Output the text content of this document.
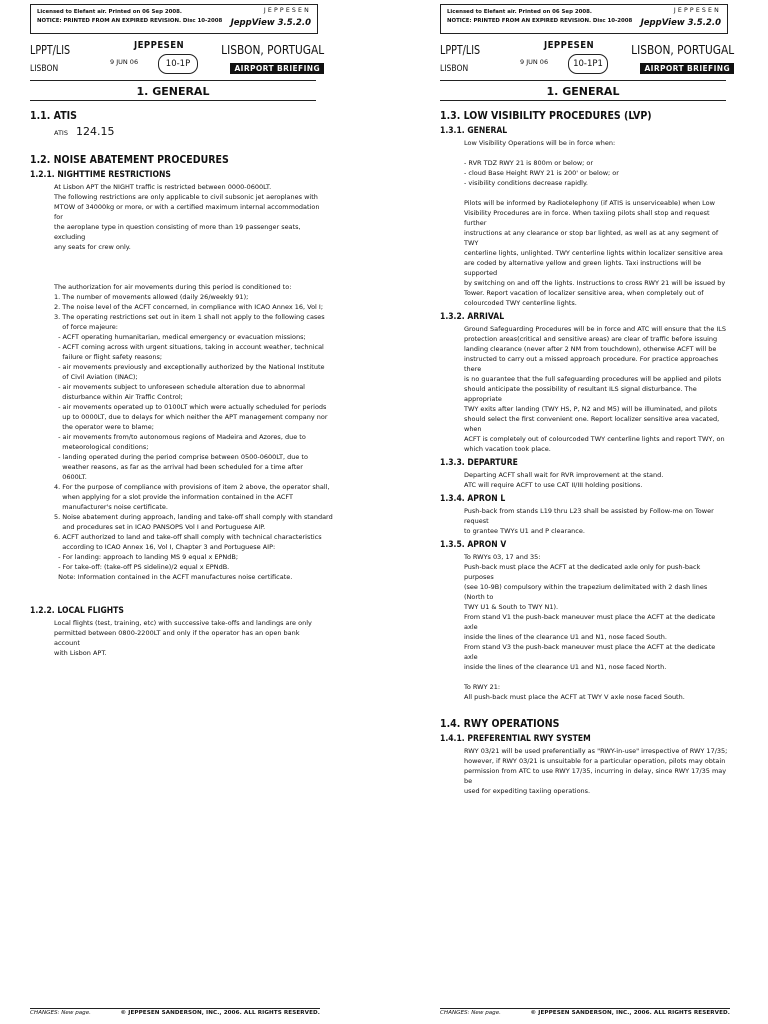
Licensed to Elefant air. Printed on 06 Sep 2008.
NOTICE: PRINTED FROM AN EXPIRED REVISION. Disc 10-2008
JEPPESEN
JeppView 3.5.2.0
LPPT/LIS
LISBON
JEPPESEN
9 JUN 06	10-1P
LISBON, PORTUGAL
AIRPORT BRIEFING
1. GENERAL
1.1. ATIS
ATIS 124.15
1.2. NOISE ABATEMENT PROCEDURES
1.2.1. NIGHTTIME RESTRICTIONS
At Lisbon APT the NIGHT traffic is restricted between 0000-0600LT.
The following restrictions are only applicable to civil subsonic jet aeroplanes with
MTOW of 34000kg or more, or with a certified maximum internal accommodation for
the aeroplane type in question consisting of more than 19 passenger seats, excluding
any seats for crew only.

The authorization for air movements during this period is conditioned to:
1. The number of movements allowed (daily 26/weekly 91);
2. The noise level of the ACFT concerned, in compliance with ICAO Annex 16, Vol I;
3. The operating restrictions set out in item 1 shall not apply to the following cases
of force majeure:
- ACFT operating humanitarian, medical emergency or evacuation missions;
- ACFT coming across with urgent situations, taking in account weather, technical
failure or flight safety reasons;
- air movements previously and exceptionally authorized by the National Institute
of Civil Aviation (INAC);
- air movements subject to unforeseen schedule alteration due to abnormal
disturbance within Air Traffic Control;
- air movements operated up to 0100LT which were actually scheduled for periods
up to 0000LT, due to delays for which neither the APT management company nor
the operator were to blame;
- air movements from/to autonomous regions of Madeira and Azores, due to
meteorological conditions;
- landing operated during the period comprise between 0500-0600LT, due to
weather reasons, as far as the arrival had been scheduled for a time after
0600LT.
4. For the purpose of compliance with provisions of item 2 above, the operator shall,
when applying for a slot provide the information contained in the ACFT
manufacturer's noise certificate.
5. Noise abatement during approach, landing and take-off shall comply with standard
and procedures set in ICAO PANSOPS Vol I and Portuguese AIP.
6. ACFT authorized to land and take-off shall comply with technical characteristics
according to ICAO Annex 16, Vol I, Chapter 3 and Portuguese AIP:
- For landing: approach to landing MS 9 equal x EPNdB;
- For take-off: (take-off PS sideline)/2 equal x EPNdB.
Note: Information contained in the ACFT manufactures noise certificate.

1.2.2. LOCAL FLIGHTS
Local flights (test, training, etc) with successive take-offs and landings are only
permitted between 0800-2200LT and only if the operator has an open bank account
with Lisbon APT.
CHANGES: New page.	© JEPPESEN SANDERSON, INC., 2006. ALL RIGHTS RESERVED.
Licensed to Elefant air. Printed on 06 Sep 2008.
NOTICE: PRINTED FROM AN EXPIRED REVISION. Disc 10-2008
JEPPESEN
JeppView 3.5.2.0
LPPT/LIS
LISBON
JEPPESEN
9 JUN 06	10-1P1
LISBON, PORTUGAL
AIRPORT BRIEFING
1. GENERAL
1.3. LOW VISIBILITY PROCEDURES (LVP)
1.3.1. GENERAL
Low Visibility Operations will be in force when:
- RVR TDZ RWY 21 is 800m or below; or
- cloud Base Height RWY 21 is 200' or below; or
- visibility conditions decrease rapidly.
Pilots will be informed by Radiotelephony (if ATIS is unserviceable) when Low
Visibility Procedures are in force. When taxiing pilots shall stop and request further
instructions at any clearance or stop bar lighted, as well as at any segment of TWY
centerline lights, unlighted. TWY centerline lights within localizer sensitive area
are coded by alternative yellow and green lights. Taxi instructions will be supported
by switching on and off the lights. Instructions to cross RWY 21 will be issued by
Tower. Report vacation of localizer sensitive area, when completely out of
colourcoded TWY centerline lights.
1.3.2. ARRIVAL
Ground Safeguarding Procedures will be in force and ATC will ensure that the ILS
protection areas(critical and sensitive areas) are clear of traffic before issuing
landing clearance (never after 2 NM from touchdown), otherwise ACFT will be
instructed to carry out a missed approach procedure. For practice approaches there
is no guarantee that the full safeguarding procedures will be applied and pilots
should anticipate the possibility of resultant ILS signal disturbance. The appropriate
TWY exits after landing (TWY HS, P, N2 and M5) will be illuminated, and pilots
should select the first convenient one. Report localizer sensitive area vacated, when
ACFT is completely out of colourcoded TWY centerline lights and report TWY, on
which vacation took place.
1.3.3. DEPARTURE
Departing ACFT shall wait for RVR improvement at the stand.
ATC will require ACFT to use CAT II/III holding positions.
1.3.4. APRON L
Push-back from stands L19 thru L23 shall be assisted by Follow-me on Tower request
to grantee TWYs U1 and P clearance.
1.3.5. APRON V
To RWYs 03, 17 and 35:
Push-back must place the ACFT at the dedicated axle only for push-back purposes
(see 10-9B) compulsory within the trapezium delimitated with 2 dash lines (North to
TWY U1 & South to TWY N1).
From stand V1 the push-back maneuver must place the ACFT at the dedicate axle
inside the lines of the clearance U1 and N1, nose faced South.
From stand V3 the push-back maneuver must place the ACFT at the dedicate axle
inside the lines of the clearance U1 and N1, nose faced North.
To RWY 21:
All push-back must place the ACFT at TWY V axle nose faced South.
1.4. RWY OPERATIONS
1.4.1. PREFERENTIAL RWY SYSTEM
RWY 03/21 will be used preferentially as "RWY-in-use" irrespective of RWY 17/35;
however, if RWY 03/21 is unsuitable for a particular operation, pilots may obtain
permission from ATC to use RWY 17/35, incurring in delay, since RWY 17/35 may be
used for expediting taxiing operations.
CHANGES: New page.	© JEPPESEN SANDERSON, INC., 2006. ALL RIGHTS RESERVED.
